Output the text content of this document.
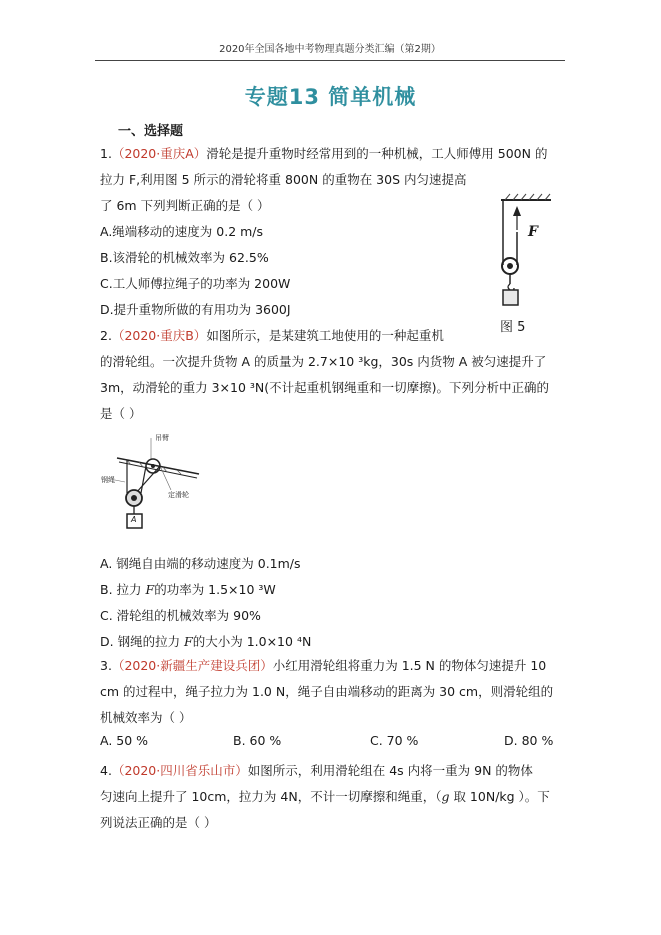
2020年全国各地中考物理真题分类汇编（第2期）
专题13 简单机械
一、选择题
1.（2020·重庆A）滑轮是提升重物时经常用到的一种机械，工人师傅用 500N 的
拉力 F,利用图 5 所示的滑轮将重 800N 的重物在 30S 内匀速提高
了 6m 下列判断正确的是（ ）
A.绳端移动的速度为 0.2 m/s
B.该滑轮的机械效率为 62.5%
C.工人师傅拉绳子的功率为 200W
D.提升重物所做的有用功为 3600J
F
图 5
2.（2020·重庆B）如图所示，是某建筑工地使用的一种起重机
的滑轮组。一次提升货物 A 的质量为 2.7×10 ³kg，30s 内货物 A 被匀速提升了
3m，动滑轮的重力 3×10 ³N(不计起重机钢绳重和一切摩擦)。下列分析中正确的
是（ ）
吊臂
钢绳
定滑轮
A
A. 钢绳自由端的移动速度为 0.1m/s
B. 拉力 F的功率为 1.5×10 ³W
C. 滑轮组的机械效率为 90%
D. 钢绳的拉力 F的大小为 1.0×10 ⁴N
3.（2020·新疆生产建设兵团）小红用滑轮组将重力为 1.5 N 的物体匀速提升 10
cm 的过程中，绳子拉力为 1.0 N，绳子自由端移动的距离为 30 cm，则滑轮组的
机械效率为（ ）
A. 50 %	B. 60 %	C. 70 %	D. 80 %
4.（2020·四川省乐山市）如图所示，利用滑轮组在 4s 内将一重为 9N 的物体
匀速向上提升了 10cm，拉力为 4N，不计一切摩擦和绳重，（g 取 10N/kg ）。下
列说法正确的是（ ）
